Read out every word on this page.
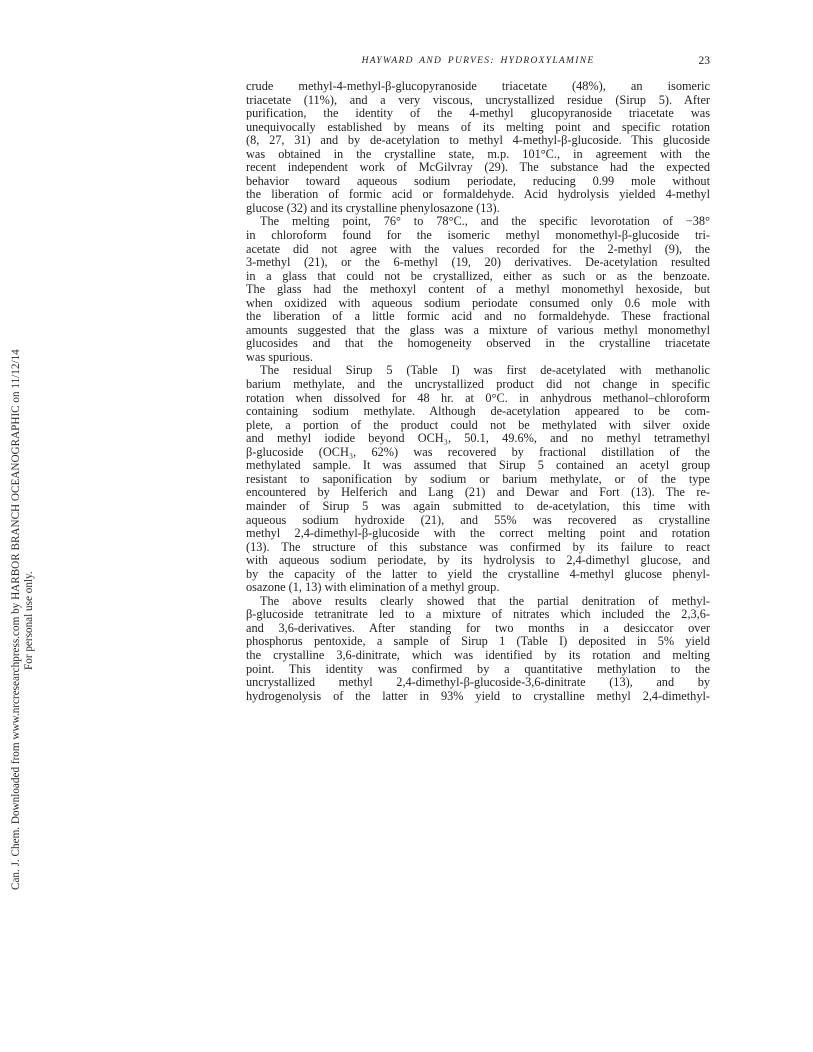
HAYWARD AND PURVES: HYDROXYLAMINE	23
Can. J. Chem. Downloaded from www.nrcresearchpress.com by HARBOR BRANCH OCEANOGRAPHIC on 11/12/14 For personal use only.
crude methyl-4-methyl-β-glucopyranoside triacetate (48%), an isomeric
triacetate (11%), and a very viscous, uncrystallized residue (Sirup 5). After
purification, the identity of the 4-methyl glucopyranoside triacetate was
unequivocally established by means of its melting point and specific rotation
(8, 27, 31) and by de-acetylation to methyl 4-methyl-β-glucoside. This glucoside
was obtained in the crystalline state, m.p. 101°C., in agreement with the
recent independent work of McGilvray (29). The substance had the expected
behavior toward aqueous sodium periodate, reducing 0.99 mole without
the liberation of formic acid or formaldehyde. Acid hydrolysis yielded 4-methyl
glucose (32) and its crystalline phenylosazone (13).
The melting point, 76° to 78°C., and the specific levorotation of −38°
in chloroform found for the isomeric methyl monomethyl-β-glucoside tri-
acetate did not agree with the values recorded for the 2-methyl (9), the
3-methyl (21), or the 6-methyl (19, 20) derivatives. De-acetylation resulted
in a glass that could not be crystallized, either as such or as the benzoate.
The glass had the methoxyl content of a methyl monomethyl hexoside, but
when oxidized with aqueous sodium periodate consumed only 0.6 mole with
the liberation of a little formic acid and no formaldehyde. These fractional
amounts suggested that the glass was a mixture of various methyl monomethyl
glucosides and that the homogeneity observed in the crystalline triacetate
was spurious.
The residual Sirup 5 (Table I) was first de-acetylated with methanolic
barium methylate, and the uncrystallized product did not change in specific
rotation when dissolved for 48 hr. at 0°C. in anhydrous methanol–chloroform
containing sodium methylate. Although de-acetylation appeared to be com-
plete, a portion of the product could not be methylated with silver oxide
and methyl iodide beyond OCH₃, 50.1, 49.6%, and no methyl tetramethyl
β-glucoside (OCH₃, 62%) was recovered by fractional distillation of the
methylated sample. It was assumed that Sirup 5 contained an acetyl group
resistant to saponification by sodium or barium methylate, or of the type
encountered by Helferich and Lang (21) and Dewar and Fort (13). The re-
mainder of Sirup 5 was again submitted to de-acetylation, this time with
aqueous sodium hydroxide (21), and 55% was recovered as crystalline
methyl 2,4-dimethyl-β-glucoside with the correct melting point and rotation
(13). The structure of this substance was confirmed by its failure to react
with aqueous sodium periodate, by its hydrolysis to 2,4-dimethyl glucose, and
by the capacity of the latter to yield the crystalline 4-methyl glucose phenyl-
osazone (1, 13) with elimination of a methyl group.
The above results clearly showed that the partial denitration of methyl-
β-glucoside tetranitrate led to a mixture of nitrates which included the 2,3,6-
and 3,6-derivatives. After standing for two months in a desiccator over
phosphorus pentoxide, a sample of Sirup 1 (Table I) deposited in 5% yield
the crystalline 3,6-dinitrate, which was identified by its rotation and melting
point. This identity was confirmed by a quantitative methylation to the
uncrystallized methyl 2,4-dimethyl-β-glucoside-3,6-dinitrate (13), and by
hydrogenolysis of the latter in 93% yield to crystalline methyl 2,4-dimethyl-
